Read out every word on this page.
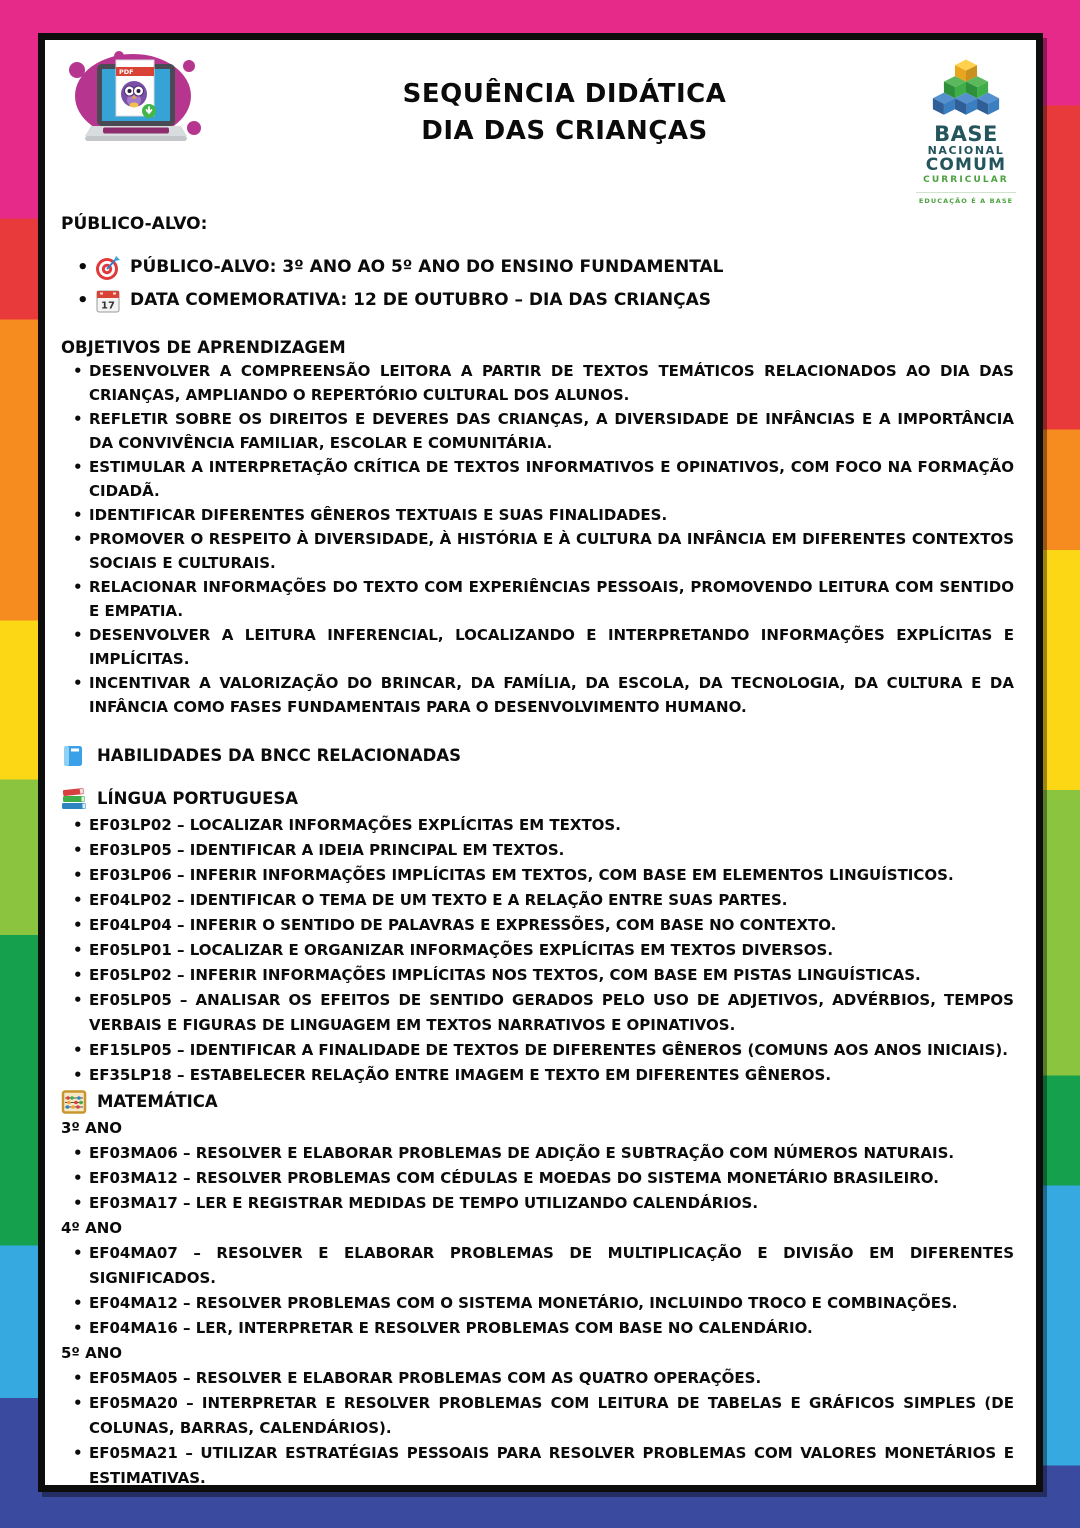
PDF
SEQUÊNCIA DIDÁTICA
DIA DAS CRIANÇAS	BASE
NACIONAL
COMUM
CURRICULAR
EDUCAÇÃO É A BASE
PÚBLICO-ALVO:
•	PÚBLICO-ALVO: 3º ANO AO 5º ANO DO ENSINO FUNDAMENTAL
•	17 DATA COMEMORATIVA: 12 DE OUTUBRO – DIA DAS CRIANÇAS
OBJETIVOS DE APRENDIZAGEM
• DESENVOLVER A COMPREENSÃO LEITORA A PARTIR DE TEXTOS TEMÁTICOS RELACIONADOS AO DIA DAS CRIANÇAS, AMPLIANDO O REPERTÓRIO CULTURAL DOS ALUNOS.
• REFLETIR SOBRE OS DIREITOS E DEVERES DAS CRIANÇAS, A DIVERSIDADE DE INFÂNCIAS E A IMPORTÂNCIA DA CONVIVÊNCIA FAMILIAR, ESCOLAR E COMUNITÁRIA.
• ESTIMULAR A INTERPRETAÇÃO CRÍTICA DE TEXTOS INFORMATIVOS E OPINATIVOS, COM FOCO NA FORMAÇÃO CIDADÃ.
• IDENTIFICAR DIFERENTES GÊNEROS TEXTUAIS E SUAS FINALIDADES.
• PROMOVER O RESPEITO À DIVERSIDADE, À HISTÓRIA E À CULTURA DA INFÂNCIA EM DIFERENTES CONTEXTOS SOCIAIS E CULTURAIS.
• RELACIONAR INFORMAÇÕES DO TEXTO COM EXPERIÊNCIAS PESSOAIS, PROMOVENDO LEITURA COM SENTIDO E EMPATIA.
• DESENVOLVER A LEITURA INFERENCIAL, LOCALIZANDO E INTERPRETANDO INFORMAÇÕES EXPLÍCITAS E IMPLÍCITAS.
• INCENTIVAR A VALORIZAÇÃO DO BRINCAR, DA FAMÍLIA, DA ESCOLA, DA TECNOLOGIA, DA CULTURA E DA INFÂNCIA COMO FASES FUNDAMENTAIS PARA O DESENVOLVIMENTO HUMANO.
HABILIDADES DA BNCC RELACIONADAS
LÍNGUA PORTUGUESA
• EF03LP02 – LOCALIZAR INFORMAÇÕES EXPLÍCITAS EM TEXTOS.
• EF03LP05 – IDENTIFICAR A IDEIA PRINCIPAL EM TEXTOS.
• EF03LP06 – INFERIR INFORMAÇÕES IMPLÍCITAS EM TEXTOS, COM BASE EM ELEMENTOS LINGUÍSTICOS.
• EF04LP02 – IDENTIFICAR O TEMA DE UM TEXTO E A RELAÇÃO ENTRE SUAS PARTES.
• EF04LP04 – INFERIR O SENTIDO DE PALAVRAS E EXPRESSÕES, COM BASE NO CONTEXTO.
• EF05LP01 – LOCALIZAR E ORGANIZAR INFORMAÇÕES EXPLÍCITAS EM TEXTOS DIVERSOS.
• EF05LP02 – INFERIR INFORMAÇÕES IMPLÍCITAS NOS TEXTOS, COM BASE EM PISTAS LINGUÍSTICAS.
• EF05LP05 – ANALISAR OS EFEITOS DE SENTIDO GERADOS PELO USO DE ADJETIVOS, ADVÉRBIOS, TEMPOS VERBAIS E FIGURAS DE LINGUAGEM EM TEXTOS NARRATIVOS E OPINATIVOS.
• EF15LP05 – IDENTIFICAR A FINALIDADE DE TEXTOS DE DIFERENTES GÊNEROS (COMUNS AOS ANOS INICIAIS).
• EF35LP18 – ESTABELECER RELAÇÃO ENTRE IMAGEM E TEXTO EM DIFERENTES GÊNEROS.
MATEMÁTICA
3º ANO
• EF03MA06 – RESOLVER E ELABORAR PROBLEMAS DE ADIÇÃO E SUBTRAÇÃO COM NÚMEROS NATURAIS.
• EF03MA12 – RESOLVER PROBLEMAS COM CÉDULAS E MOEDAS DO SISTEMA MONETÁRIO BRASILEIRO.
• EF03MA17 – LER E REGISTRAR MEDIDAS DE TEMPO UTILIZANDO CALENDÁRIOS.
4º ANO
• EF04MA07 – RESOLVER E ELABORAR PROBLEMAS DE MULTIPLICAÇÃO E DIVISÃO EM DIFERENTES SIGNIFICADOS.
• EF04MA12 – RESOLVER PROBLEMAS COM O SISTEMA MONETÁRIO, INCLUINDO TROCO E COMBINAÇÕES.
• EF04MA16 – LER, INTERPRETAR E RESOLVER PROBLEMAS COM BASE NO CALENDÁRIO.
5º ANO
• EF05MA05 – RESOLVER E ELABORAR PROBLEMAS COM AS QUATRO OPERAÇÕES.
• EF05MA20 – INTERPRETAR E RESOLVER PROBLEMAS COM LEITURA DE TABELAS E GRÁFICOS SIMPLES (DE COLUNAS, BARRAS, CALENDÁRIOS).
• EF05MA21 – UTILIZAR ESTRATÉGIAS PESSOAIS PARA RESOLVER PROBLEMAS COM VALORES MONETÁRIOS E ESTIMATIVAS.
